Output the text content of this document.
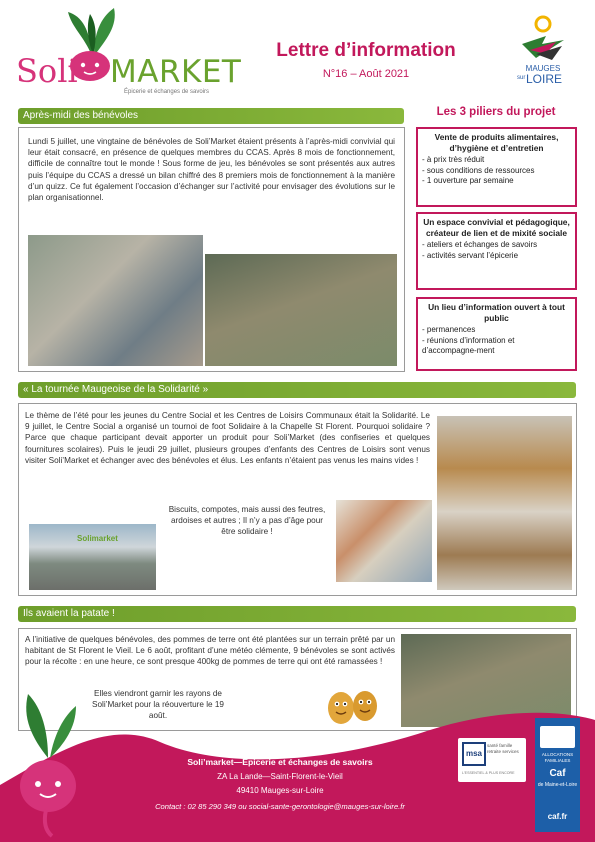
Soli MARKET
Épicerie et échanges de savoirs
Lettre d’information
N°16 – Août 2021	MAUGES
sur LOIRE
Après-midi des bénévoles
Lundi 5 juillet, une vingtaine de bénévoles de Soli’Market étaient présents à l’après-midi convivial qui leur était consacré, en présence de quelques membres du CCAS. Après 8 mois de fonctionnement, difficile de connaître tout le monde ! Sous forme de jeu, les bénévoles se sont présentés aux autres puis l’équipe du CCAS a dressé un bilan chiffré des 8 premiers mois de fonctionnement à la manière d’un quizz. Ce fut également l’occasion d’échanger sur l’activité pour envisager des évolutions sur le plan organisationnel.
Les 3 piliers du projet
Vente de produits alimentaires, d’hygiène et d’entretien
- à prix très réduit
- sous conditions de ressources
- 1 ouverture par semaine
Un espace convivial et pédagogique, créateur de lien et de mixité sociale
- ateliers et échanges de savoirs
- activités servant l’épicerie
Un lieu d’information ouvert à tout public
- permanences
- réunions d’information et d’accompagne-ment
« La tournée Maugeoise de la Solidarité »
Le thème de l’été pour les jeunes du Centre Social et les Centres de Loisirs Communaux était la Solidarité. Le 9 juillet, le Centre Social a organisé un tournoi de foot Solidaire à la Chapelle St Florent. Pourquoi solidaire ? Parce que chaque participant devait apporter un produit pour Soli’Market (des confiseries et quelques fournitures scolaires). Puis le jeudi 29 juillet, plusieurs groupes d’enfants des Centres de Loisirs sont venus visiter Soli’Market et échanger avec des bénévoles et élus. Les enfants n’étaient pas venus les mains vides !
Solimarket
Biscuits, compotes, mais aussi des feutres, ardoises et autres ; Il n’y a pas d’âge pour être solidaire !
Ils avaient la patate !
A l’initiative de quelques bénévoles, des pommes de terre ont été plantées sur un terrain prêté par un habitant de St Florent le Vieil. Le 6 août, profitant d’une météo clémente, 9 bénévoles se sont activés pour la récolte : en une heure, ce sont presque 400kg de pommes de terre qui ont été ramassées !
Elles viendront garnir les rayons de Soli’Market pour la réouverture le 19 août.
Soli’market—Epicerie et échanges de savoirs
ZA La Lande—Saint-Florent-le-Vieil
49410 Mauges-sur-Loire
Contact : 02 85 290 349 ou social-sante-gerontologie@mauges-sur-loire.fr
msa
santé famille retraite services
L'ESSENTIEL & PLUS ENCORE
ALLOCATIONS FAMILIALES
Caf
de Maine-et-Loire
caf.fr
